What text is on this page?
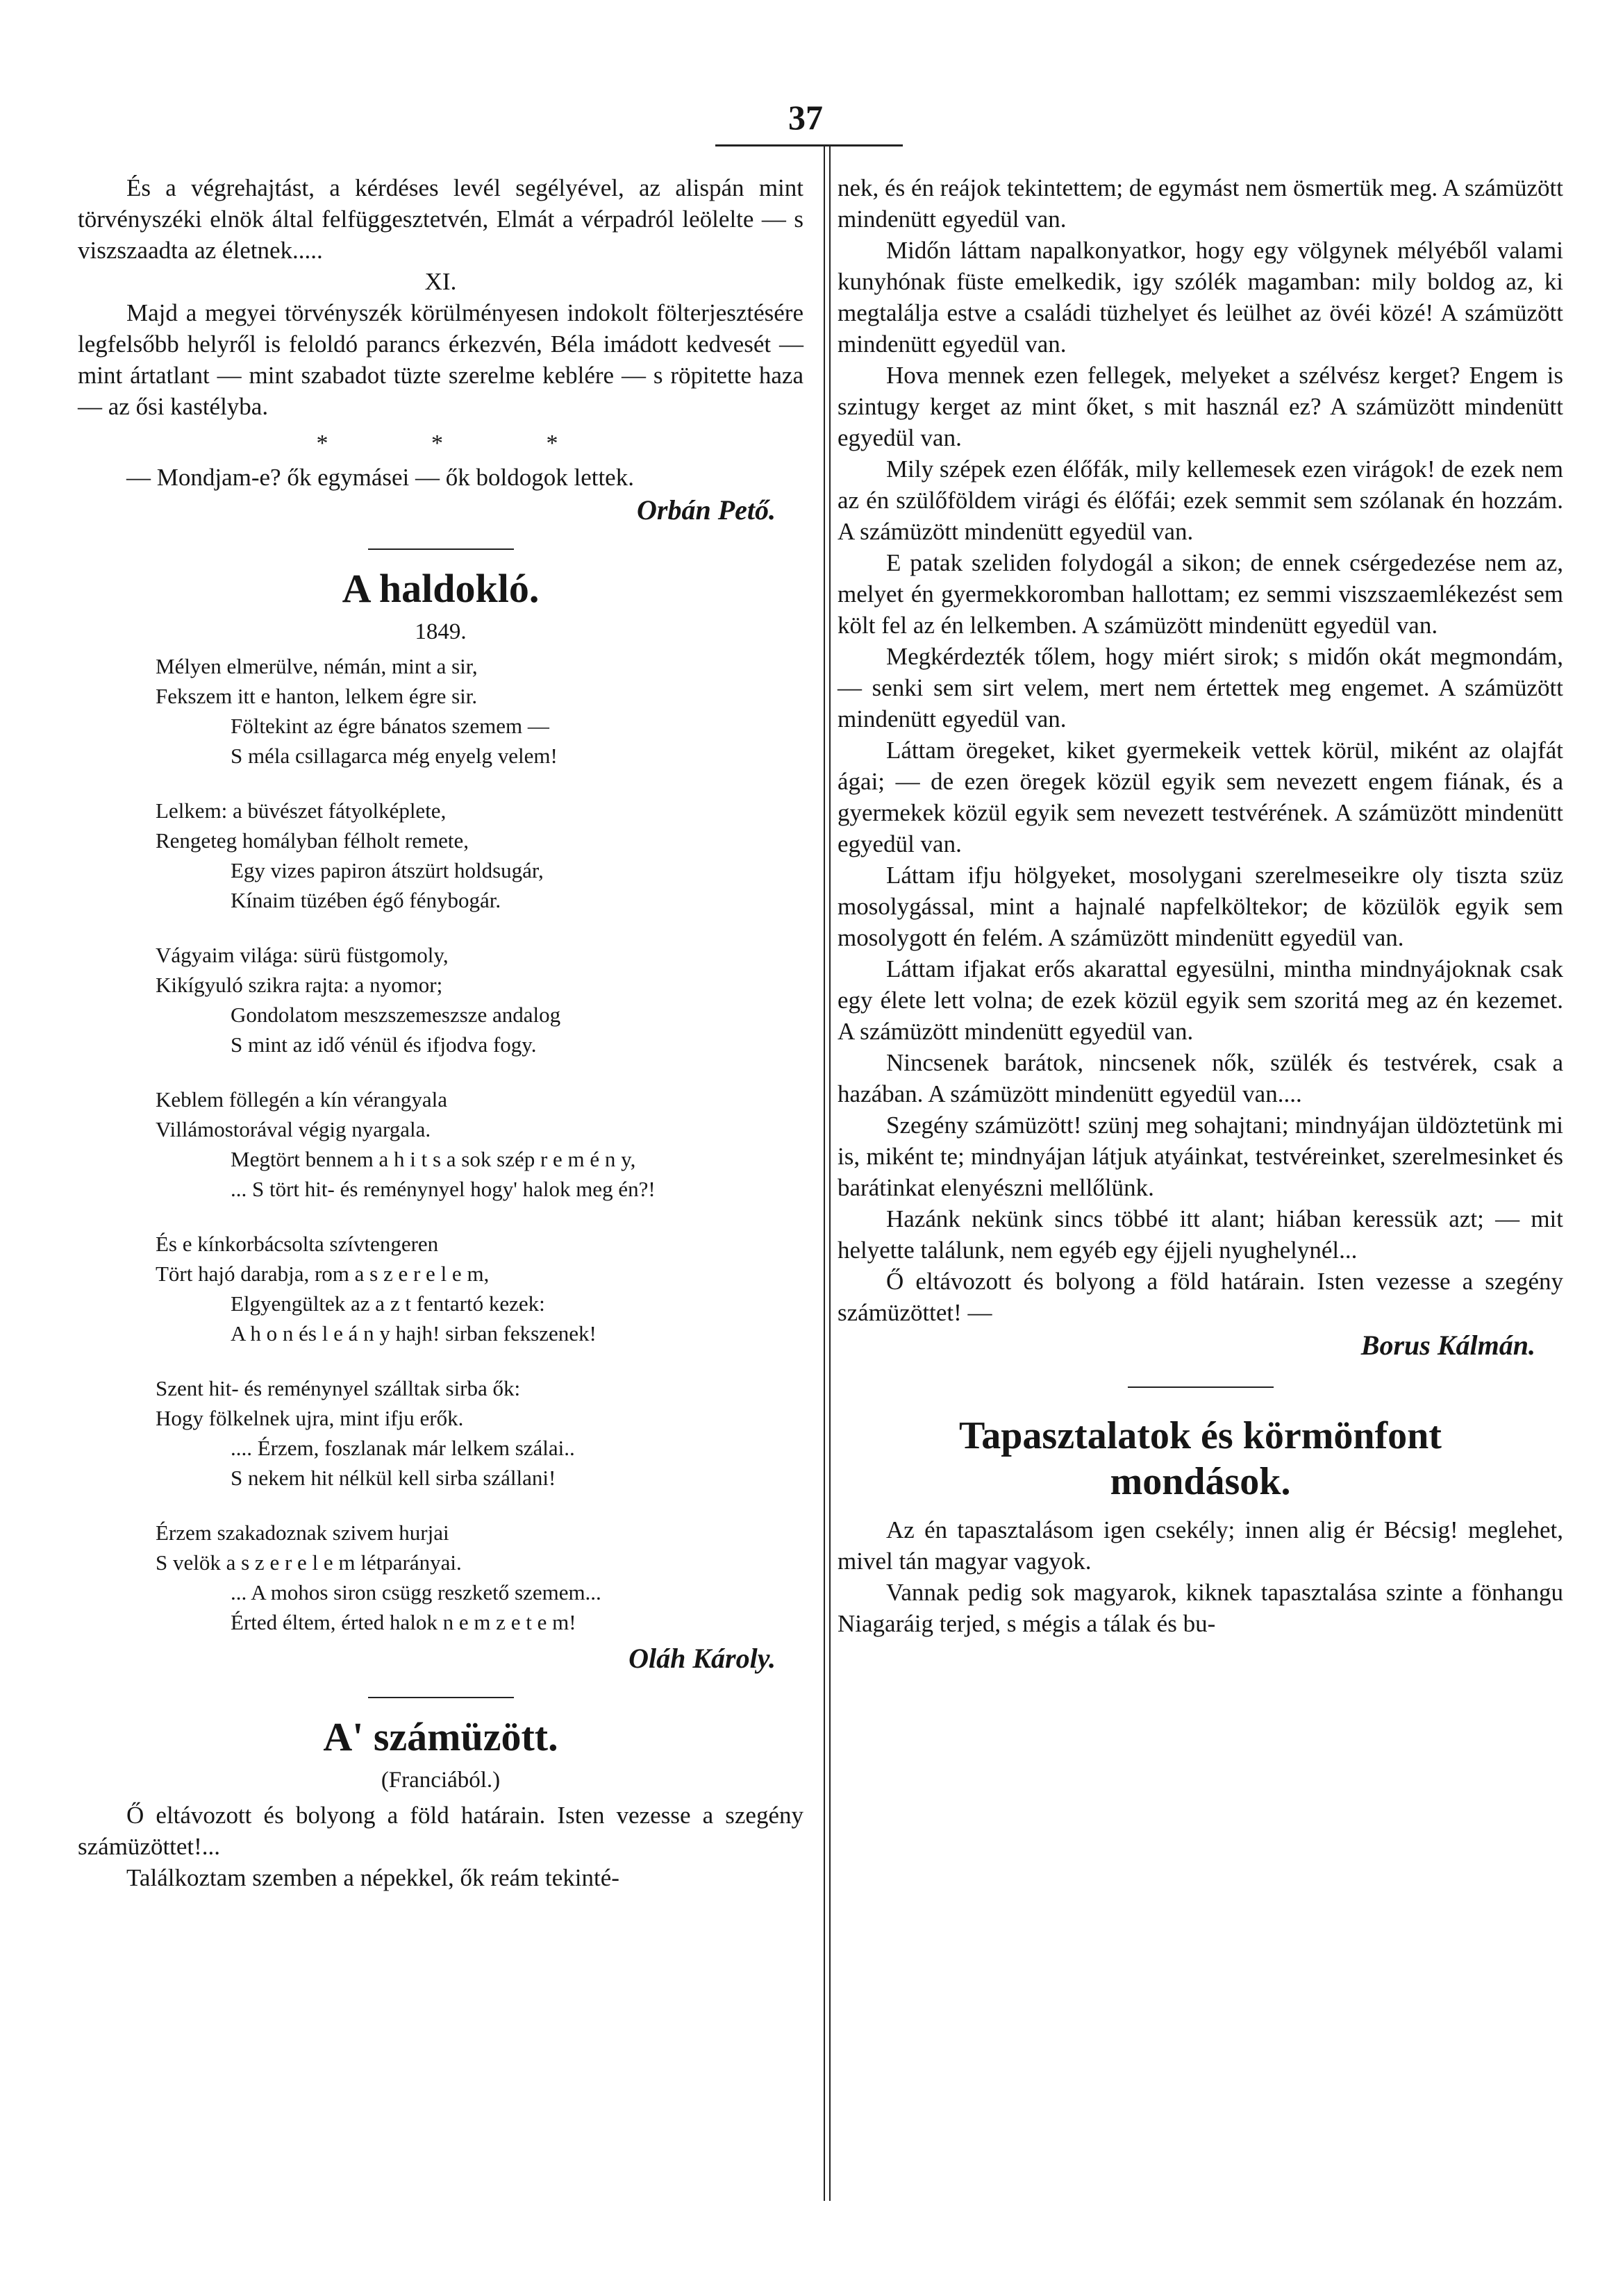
37

És a végrehajtást, a kérdéses levél segélyével, az alispán mint törvényszéki elnök által felfüggesztetvén, Elmát a vérpadról leölelte — s viszszaadta az életnek.....

XI.

Majd a megyei törvényszék körülményesen indokolt fölterjesztésére legfelsőbb helyről is feloldó parancs érkezvén, Béla imádott kedvesét — mint ártatlant — mint szabadot tüzte szerelme keblére — s röpitette haza — az ősi kastélyba.

* * *

— Mondjam-e? ők egymásei — ők boldogok lettek.

Orbán Pető.
A haldokló.
1849.
Mélyen elmerülve, némán, mint a sir,
Fekszem itt e hanton, lelkem égre sir.
Föltekint az égre bánatos szemem —
S méla csillagarca még enyelg velem!
Lelkem: a büvészet fátyolképlete,
Rengeteg homályban félholt remete,
Egy vizes papiron átszürt holdsugár,
Kínaim tüzében égő fénybogár.
Vágyaim világa: sürü füstgomoly,
Kikígyuló szikra rajta: a nyomor;
Gondolatom meszszemeszsze andalog
S mint az idő vénül és ifjodva fogy.
Keblem föllegén a kín vérangyala
Villámostorával végig nyargala.
Megtört bennem a h i t s a sok szép r e m é n y,
... S tört hit- és reménynyel hogy' halok meg én?!
És e kínkorbácsolta szívtengeren
Tört hajó darabja, rom a s z e r e l e m,
Elgyengültek az a z t fentartó kezek:
A h o n és l e á n y hajh! sirban fekszenek!
Szent hit- és reménynyel szálltak sirba ők:
Hogy fölkelnek ujra, mint ifju erők.
.... Érzem, foszlanak már lelkem szálai..
S nekem hit nélkül kell sirba szállani!
Érzem szakadoznak szivem hurjai
S velök a s z e r e l e m létparányai.
... A mohos siron csügg reszkető szemem...
Érted éltem, érted halok n e m z e t e m!
Oláh Károly.
A' számüzött.
(Franciából.)

Ő eltávozott és bolyong a föld határain. Isten vezesse a szegény számüzöttet!...

Találkoztam szemben a népekkel, ők reám tekinté-

nek, és én reájok tekintettem; de egymást nem ösmertük meg. A számüzött mindenütt egyedül van.

Midőn láttam napalkonyatkor, hogy egy völgynek mélyéből valami kunyhónak füste emelkedik, igy szólék magamban: mily boldog az, ki megtalálja estve a családi tüzhelyet és leülhet az övéi közé! A számüzött mindenütt egyedül van.

Hova mennek ezen fellegek, melyeket a szélvész kerget? Engem is szintugy kerget az mint őket, s mit használ ez? A számüzött mindenütt egyedül van.

Mily szépek ezen élőfák, mily kellemesek ezen virágok! de ezek nem az én szülőföldem virági és élőfái; ezek semmit sem szólanak én hozzám. A számüzött mindenütt egyedül van.

E patak szeliden folydogál a sikon; de ennek csérgedezése nem az, melyet én gyermekkoromban hallottam; ez semmi viszszaemlékezést sem költ fel az én lelkemben. A számüzött mindenütt egyedül van.

Megkérdezték tőlem, hogy miért sirok; s midőn okát megmondám, — senki sem sirt velem, mert nem értettek meg engemet. A számüzött mindenütt egyedül van.

Láttam öregeket, kiket gyermekeik vettek körül, miként az olajfát ágai; — de ezen öregek közül egyik sem nevezett engem fiának, és a gyermekek közül egyik sem nevezett testvérének. A számüzött mindenütt egyedül van.

Láttam ifju hölgyeket, mosolygani szerelmeseikre oly tiszta szüz mosolygással, mint a hajnalé napfelköltekor; de közülök egyik sem mosolygott én felém. A számüzött mindenütt egyedül van.

Láttam ifjakat erős akarattal egyesülni, mintha mindnyájoknak csak egy élete lett volna; de ezek közül egyik sem szoritá meg az én kezemet. A számüzött mindenütt egyedül van.

Nincsenek barátok, nincsenek nők, szülék és testvérek, csak a hazában. A számüzött mindenütt egyedül van....

Szegény számüzött! szünj meg sohajtani; mindnyájan üldöztetünk mi is, miként te; mindnyájan látjuk atyáinkat, testvéreinket, szerelmesinket és barátinkat elenyészni mellőlünk.

Hazánk nekünk sincs többé itt alant; hiában keressük azt; — mit helyette találunk, nem egyéb egy éjjeli nyughelynél...

Ő eltávozott és bolyong a föld határain. Isten vezesse a szegény számüzöttet! —

Borus Kálmán.
Tapasztalatok és körmönfont
mondások.

Az én tapasztalásom igen csekély; innen alig ér Bécsig! meglehet, mivel tán magyar vagyok.

Vannak pedig sok magyarok, kiknek tapasztalása szinte a fönhangu Niagaráig terjed, s mégis a tálak és bu-
